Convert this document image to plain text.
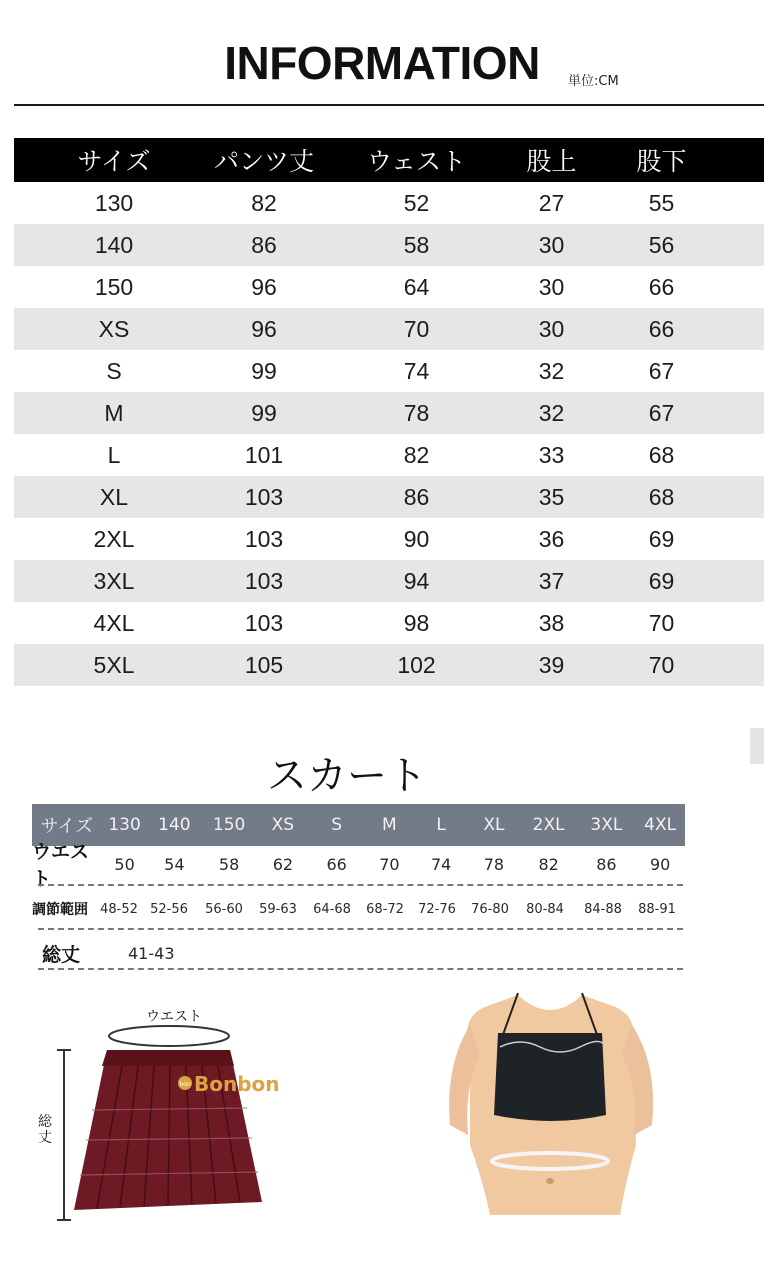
INFORMATION	単位:CM
サイズ	パンツ丈	ウェスト	股上	股下
130	82	52	27	55
140	86	58	30	56
150	96	64	30	66
XS	96	70	30	66
S	99	74	32	67
M	99	78	32	67
L	101	82	33	68
XL	103	86	35	68
2XL	103	90	36	69
3XL	103	94	37	69
4XL	103	98	38	70
5XL	105	102	39	70
スカート
サイズ 130	140	150	XS	S	M	L	XL	2XL	3XL	4XL
ウエスト
50	54	58	62	66	70	74	78	82	86	90
調節範囲 48-52 52-56	56-60	59-63	64-68	68-72	72-76	76-80	80-84	84-88	88-91
総丈	41-43
ウエスト
総丈
bon Bonbon
